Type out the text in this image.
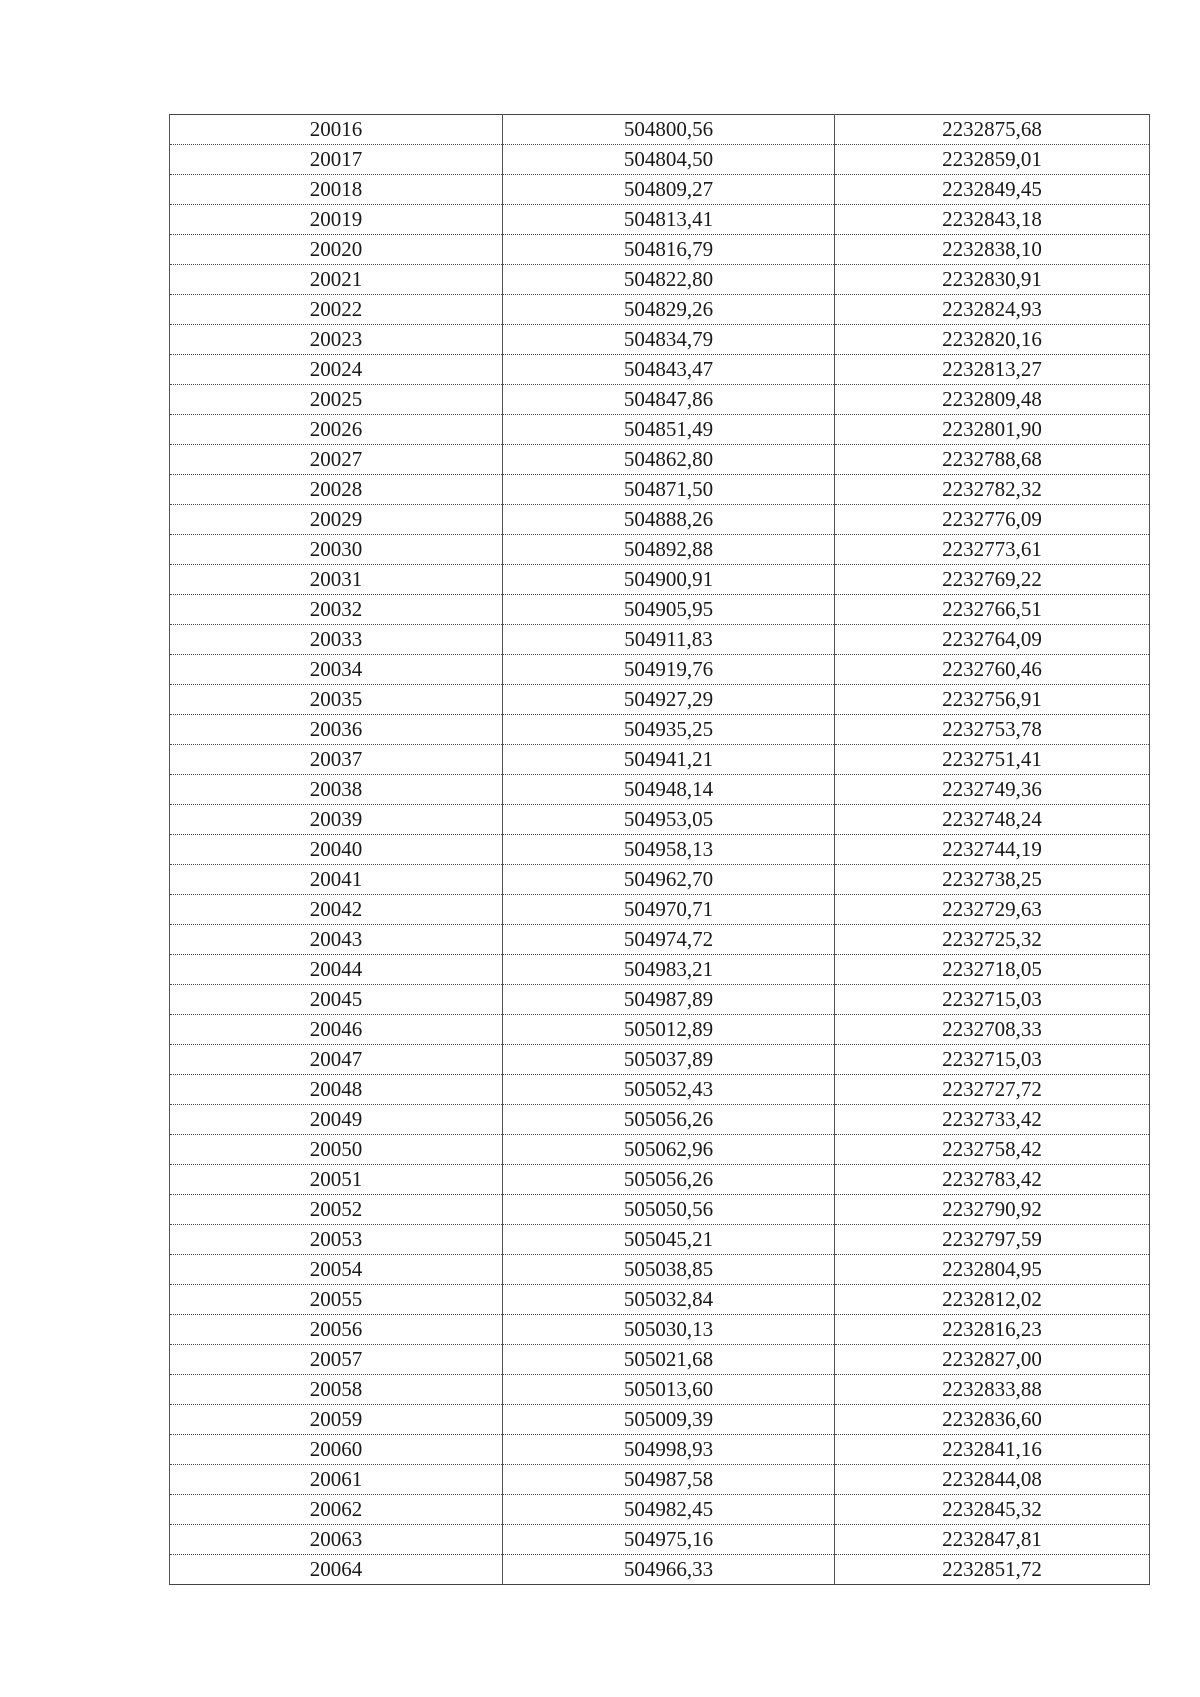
20016	504800,56	2232875,68
20017	504804,50	2232859,01
20018	504809,27	2232849,45
20019	504813,41	2232843,18
20020	504816,79	2232838,10
20021	504822,80	2232830,91
20022	504829,26	2232824,93
20023	504834,79	2232820,16
20024	504843,47	2232813,27
20025	504847,86	2232809,48
20026	504851,49	2232801,90
20027	504862,80	2232788,68
20028	504871,50	2232782,32
20029	504888,26	2232776,09
20030	504892,88	2232773,61
20031	504900,91	2232769,22
20032	504905,95	2232766,51
20033	504911,83	2232764,09
20034	504919,76	2232760,46
20035	504927,29	2232756,91
20036	504935,25	2232753,78
20037	504941,21	2232751,41
20038	504948,14	2232749,36
20039	504953,05	2232748,24
20040	504958,13	2232744,19
20041	504962,70	2232738,25
20042	504970,71	2232729,63
20043	504974,72	2232725,32
20044	504983,21	2232718,05
20045	504987,89	2232715,03
20046	505012,89	2232708,33
20047	505037,89	2232715,03
20048	505052,43	2232727,72
20049	505056,26	2232733,42
20050	505062,96	2232758,42
20051	505056,26	2232783,42
20052	505050,56	2232790,92
20053	505045,21	2232797,59
20054	505038,85	2232804,95
20055	505032,84	2232812,02
20056	505030,13	2232816,23
20057	505021,68	2232827,00
20058	505013,60	2232833,88
20059	505009,39	2232836,60
20060	504998,93	2232841,16
20061	504987,58	2232844,08
20062	504982,45	2232845,32
20063	504975,16	2232847,81
20064	504966,33	2232851,72
